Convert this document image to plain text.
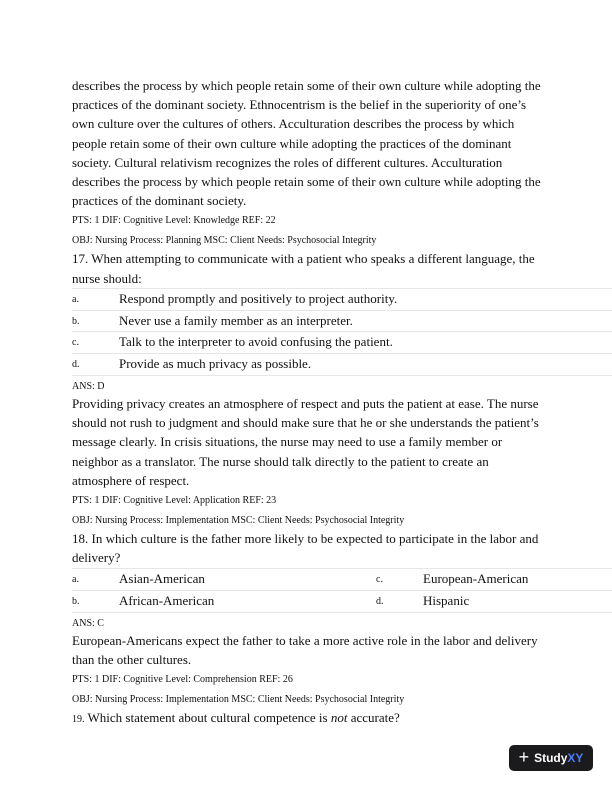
describes the process by which people retain some of their own culture while adopting the practices of the dominant society. Ethnocentrism is the belief in the superiority of one’s own culture over the cultures of others. Acculturation describes the process by which people retain some of their own culture while adopting the practices of the dominant society. Cultural relativism recognizes the roles of different cultures. Acculturation describes the process by which people retain some of their own culture while adopting the practices of the dominant society.
PTS: 1 DIF: Cognitive Level: Knowledge REF: 22
OBJ: Nursing Process: Planning MSC: Client Needs: Psychosocial Integrity
17. When attempting to communicate with a patient who speaks a different language, the nurse should:
a.	Respond promptly and positively to project authority.
b.	Never use a family member as an interpreter.
c.	Talk to the interpreter to avoid confusing the patient.
d.	Provide as much privacy as possible.
ANS: D
Providing privacy creates an atmosphere of respect and puts the patient at ease. The nurse should not rush to judgment and should make sure that he or she understands the patient’s message clearly. In crisis situations, the nurse may need to use a family member or neighbor as a translator. The nurse should talk directly to the patient to create an atmosphere of respect.
PTS: 1 DIF: Cognitive Level: Application REF: 23
OBJ: Nursing Process: Implementation MSC: Client Needs: Psychosocial Integrity
18. In which culture is the father more likely to be expected to participate in the labor and delivery?
a.	Asian-American	c.	European-American
b.	African-American	d.	Hispanic
ANS: C
European-Americans expect the father to take a more active role in the labor and delivery than the other cultures.
PTS: 1 DIF: Cognitive Level: Comprehension REF: 26
OBJ: Nursing Process: Implementation MSC: Client Needs: Psychosocial Integrity
19. Which statement about cultural competence is not accurate?
+ StudyXY
